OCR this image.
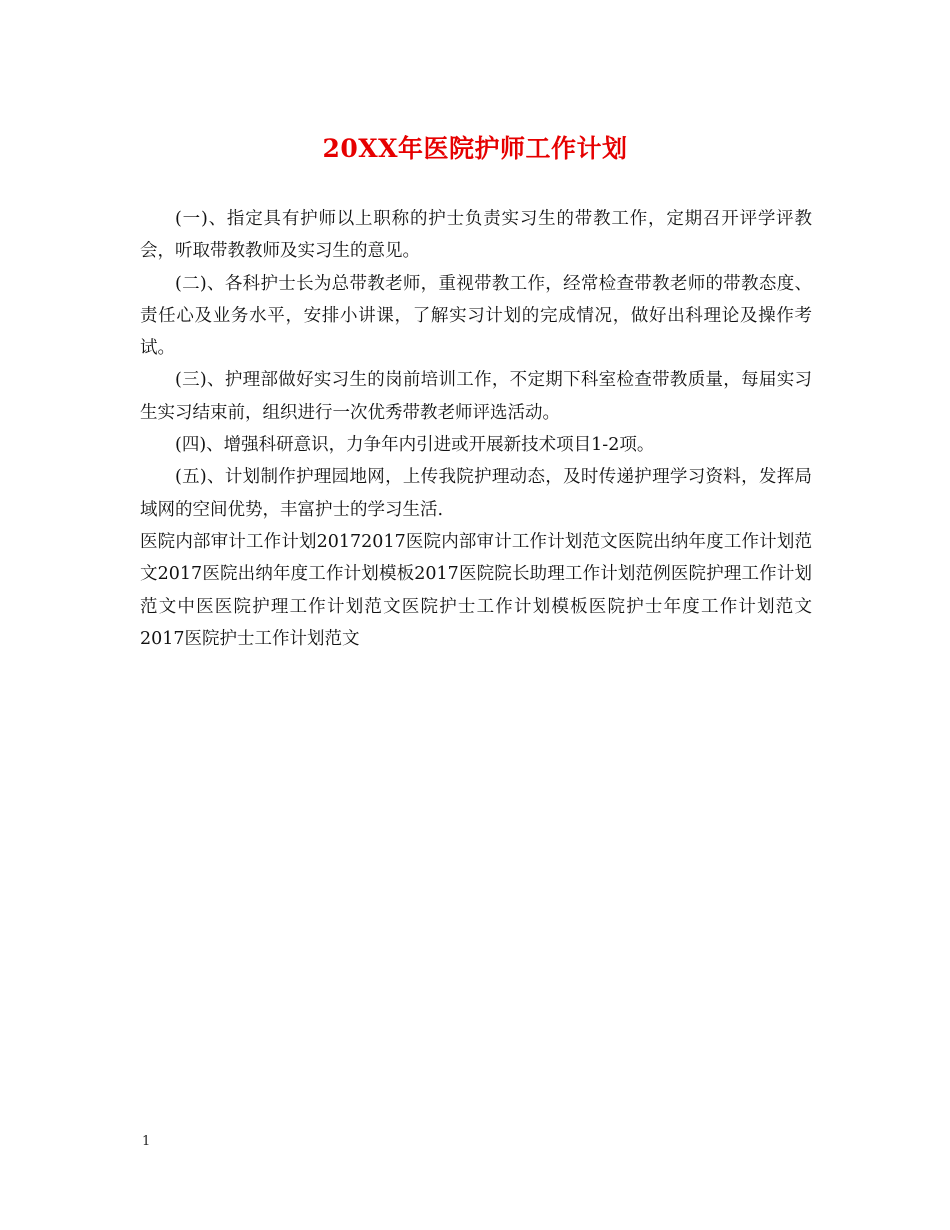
20XX年医院护师工作计划

(一)、指定具有护师以上职称的护士负责实习生的带教工作，定期召开评学评教会，听取带教教师及实习生的意见。

(二)、各科护士长为总带教老师，重视带教工作，经常检查带教老师的带教态度、责任心及业务水平，安排小讲课，了解实习计划的完成情况，做好出科理论及操作考试。

(三)、护理部做好实习生的岗前培训工作，不定期下科室检查带教质量，每届实习生实习结束前，组织进行一次优秀带教老师评选活动。

(四)、增强科研意识，力争年内引进或开展新技术项目1-2项。

(五)、计划制作护理园地网，上传我院护理动态，及时传递护理学习资料，发挥局域网的空间优势，丰富护士的学习生活.

医院内部审计工作计划20172017医院内部审计工作计划范文医院出纳年度工作计划范文2017医院出纳年度工作计划模板2017医院院长助理工作计划范例医院护理工作计划范文中医医院护理工作计划范文医院护士工作计划模板医院护士年度工作计划范文2017医院护士工作计划范文

1
